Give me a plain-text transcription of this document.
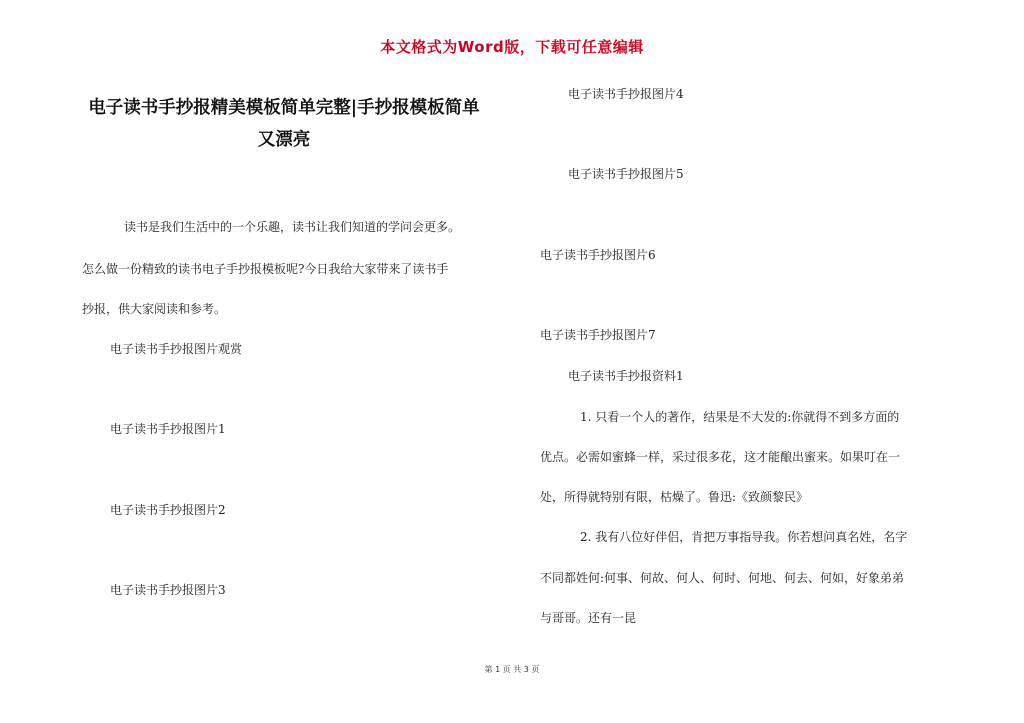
本文格式为Word版，下载可任意编辑
电子读书手抄报精美模板简单完整|手抄报模板简单
又漂亮
读书是我们生活中的一个乐趣，读书让我们知道的学问会更多。
怎么做一份精致的读书电子手抄报模板呢?今日我给大家带来了读书手
抄报，供大家阅读和参考。
电子读书手抄报图片观赏
电子读书手抄报图片1
电子读书手抄报图片2
电子读书手抄报图片3
电子读书手抄报图片4
电子读书手抄报图片5
电子读书手抄报图片6
电子读书手抄报图片7
电子读书手抄报资料1
1. 只看一个人的著作，结果是不大发的:你就得不到多方面的
优点。必需如蜜蜂一样，采过很多花，这才能酿出蜜来。如果叮在一
处，所得就特别有限，枯燥了。鲁迅:《致颜黎民》
2. 我有八位好伴侣，肯把万事指导我。你若想问真名姓，名字
不同都姓何:何事、何故、何人、何时、何地、何去、何如，好象弟弟
与哥哥。还有一昆
第 1 页 共 3 页
